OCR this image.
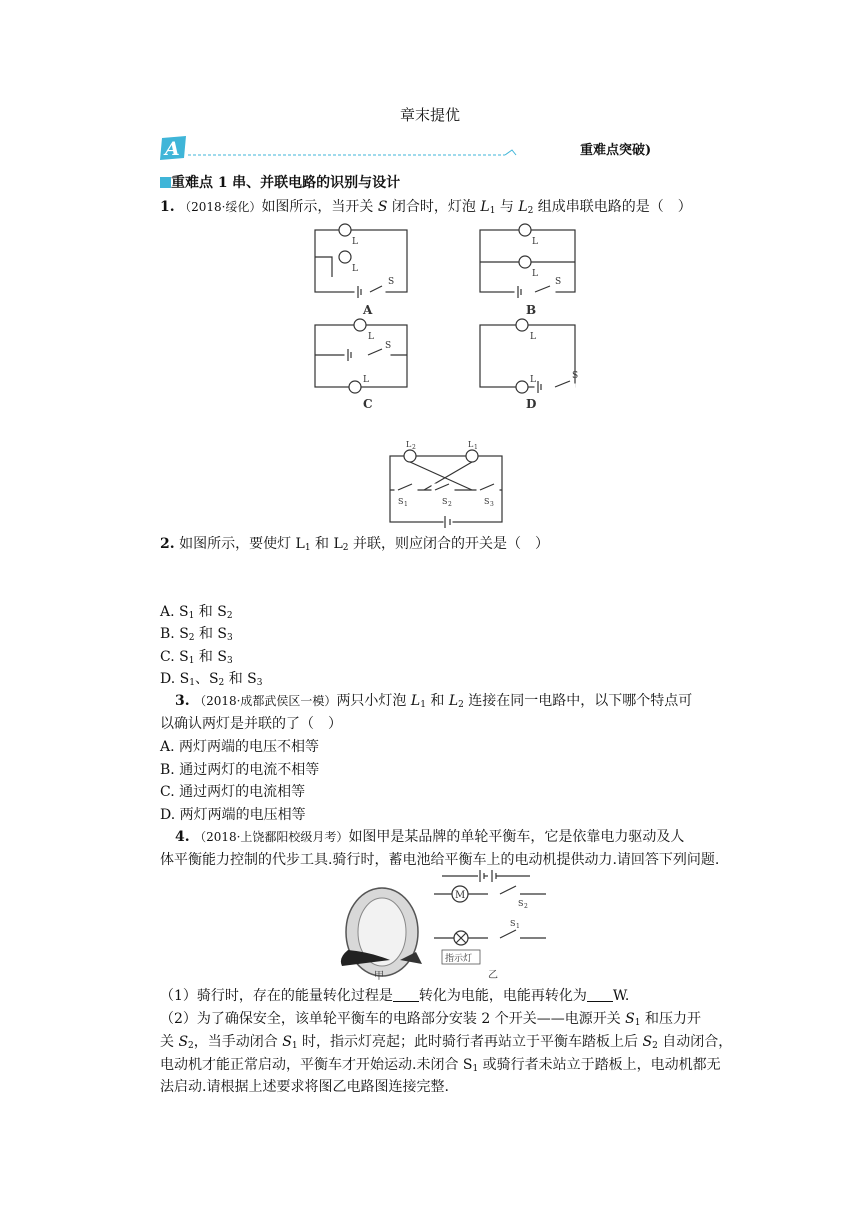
章末提优
A	重难点突破)
重难点 1 串、并联电路的识别与设计
1. （2018·绥化）如图所示，当开关 S 闭合时，灯泡 $L_1$ 与 $L_2$ 组成串联电路的是（　）
L
L
S
L
L
S
L
S
L
L
L	S
A	B
C	D
L 2	L 1
S 1	S 2	S 3
2. 如图所示，要使灯 $L_1$ 和 $L_2$ 并联，则应闭合的开关是（　）
A. $S_1$ 和 $S_2$
B. $S_2$ 和 $S_3$
C. $S_1$ 和 $S_3$
D. $S_1$、$S_2$ 和 $S_3$
3. （2018·成都武侯区一模）两只小灯泡 $L_1$ 和 $L_2$ 连接在同一电路中，以下哪个特点可
以确认两灯是并联的了（　）
A. 两灯两端的电压不相等
B. 通过两灯的电流不相等
C. 通过两灯的电流相等
D. 两灯两端的电压相等
4. （2018·上饶鄱阳校级月考）如图甲是某品牌的单轮平衡车，它是依靠电力驱动及人
体平衡能力控制的代步工具.骑行时，蓄电池给平衡车上的电动机提供动力.请回答下列问题.
甲
M
S 2
S 1
指示灯
乙
（1）骑行时，存在的能量转化过程是 转化为电能，电能再转化为 W.
（2）为了确保安全，该单轮平衡车的电路部分安装 2 个开关——电源开关 $S_1$ 和压力开
关 $S_2$，当手动闭合 $S_1$ 时，指示灯亮起；此时骑行者再站立于平衡车踏板上后 $S_2$ 自动闭合，
电动机才能正常启动，平衡车才开始运动.未闭合 $S_1$ 或骑行者未站立于踏板上，电动机都无
法启动.请根据上述要求将图乙电路图连接完整.
